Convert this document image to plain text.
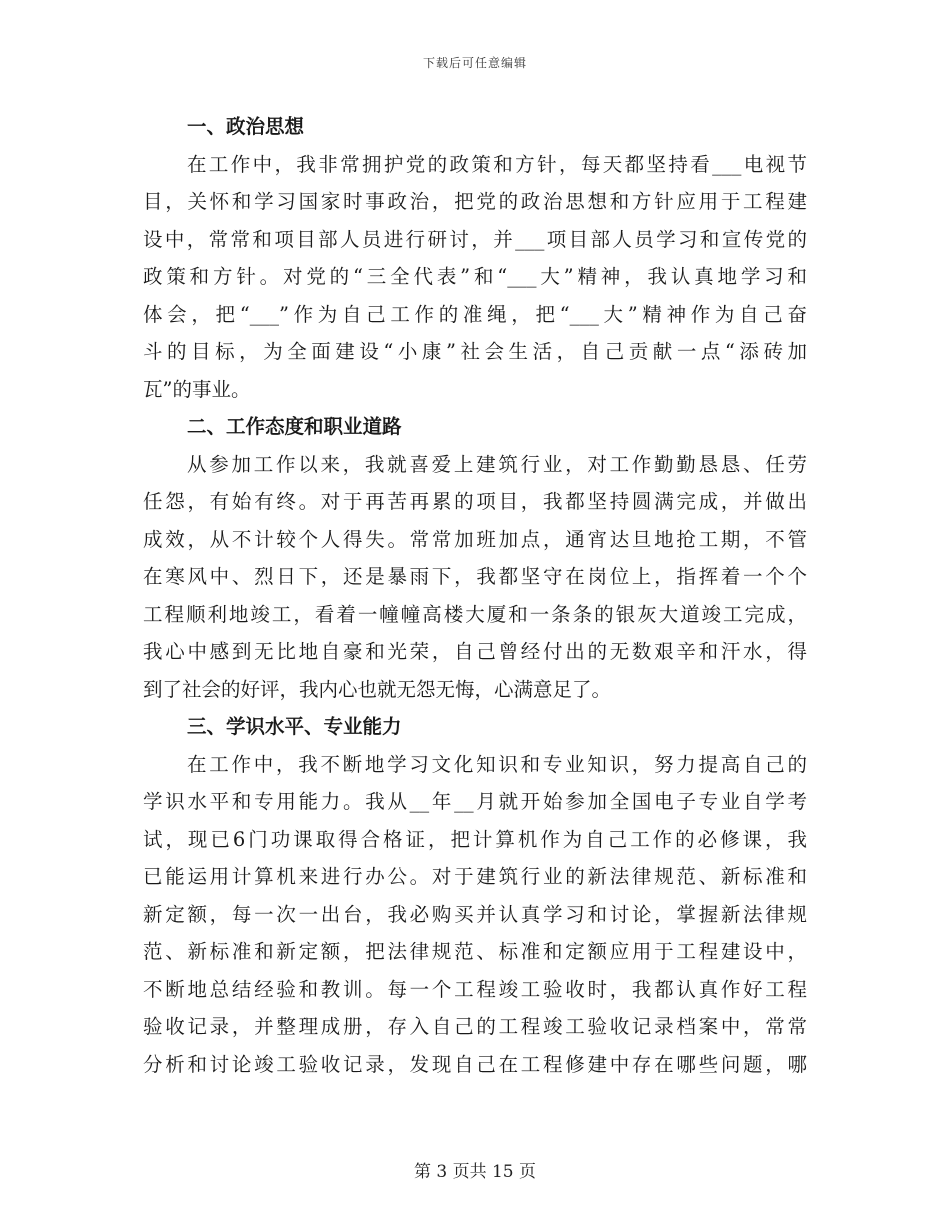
下载后可任意编辑
一、政治思想
在工作中，我非常拥护党的政策和方针，每天都坚持看___电视节
目，关怀和学习国家时事政治，把党的政治思想和方针应用于工程建
设中，常常和项目部人员进行研讨，并___项目部人员学习和宣传党的
政策和方针。对党的“三全代表”和“___大”精神，我认真地学习和
体会，把“___”作为自己工作的准绳，把“___大”精神作为自己奋
斗的目标，为全面建设“小康”社会生活，自己贡献一点“添砖加
瓦”的事业。
二、工作态度和职业道路
从参加工作以来，我就喜爱上建筑行业，对工作勤勤恳恳、任劳
任怨，有始有终。对于再苦再累的项目，我都坚持圆满完成，并做出
成效，从不计较个人得失。常常加班加点，通宵达旦地抢工期，不管
在寒风中、烈日下，还是暴雨下，我都坚守在岗位上，指挥着一个个
工程顺利地竣工，看着一幢幢高楼大厦和一条条的银灰大道竣工完成，
我心中感到无比地自豪和光荣，自己曾经付出的无数艰辛和汗水，得
到了社会的好评，我内心也就无怨无悔，心满意足了。
三、学识水平、专业能力
在工作中，我不断地学习文化知识和专业知识，努力提高自己的
学识水平和专用能力。我从__年__月就开始参加全国电子专业自学考
试，现已6门功课取得合格证，把计算机作为自己工作的必修课，我
已能运用计算机来进行办公。对于建筑行业的新法律规范、新标准和
新定额，每一次一出台，我必购买并认真学习和讨论，掌握新法律规
范、新标准和新定额，把法律规范、标准和定额应用于工程建设中，
不断地总结经验和教训。每一个工程竣工验收时，我都认真作好工程
验收记录，并整理成册，存入自己的工程竣工验收记录档案中，常常
分析和讨论竣工验收记录，发现自己在工程修建中存在哪些问题，哪
第 3 页共 15 页
